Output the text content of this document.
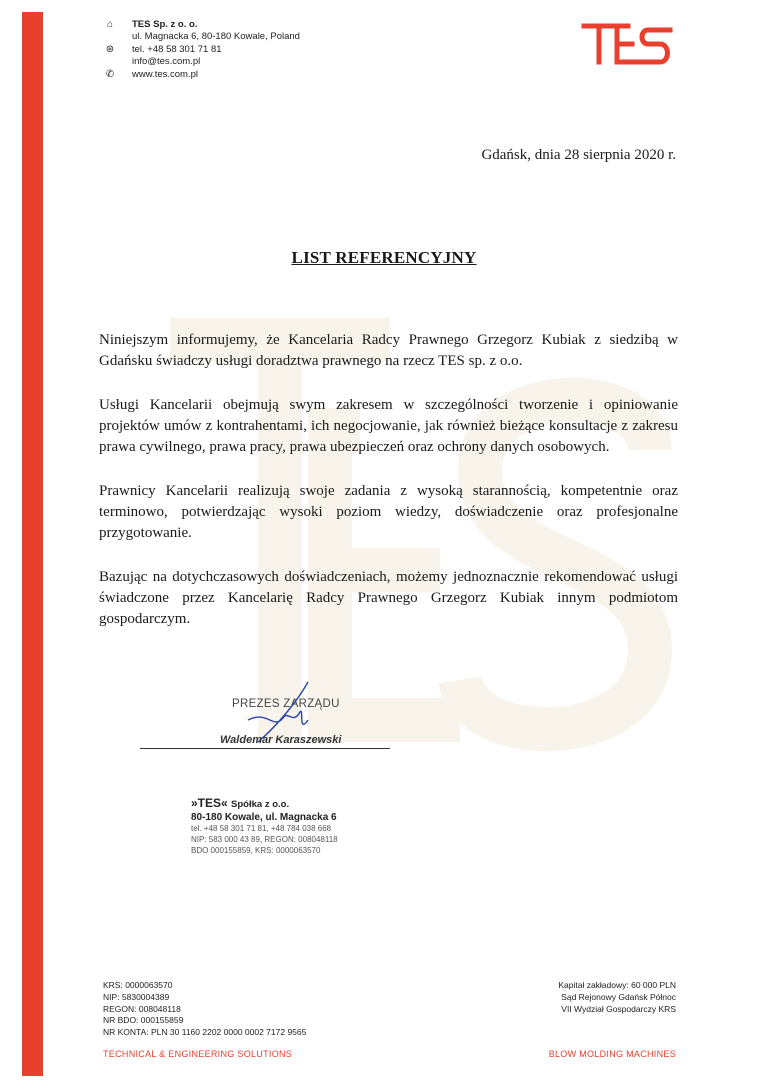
⌂	TES Sp. z o. o.
ul. Magnacka 6, 80-180 Kowale, Poland
⊛ tel. +48 58 301 71 81
info@tes.com.pl
✆ www.tes.com.pl
Gdańsk, dnia 28 sierpnia 2020 r.
LIST REFERENCYJNY

Niniejszym informujemy, że Kancelaria Radcy Prawnego Grzegorz Kubiak z siedzibą w Gdańsku świadczy usługi doradztwa prawnego na rzecz TES sp. z o.o.

Usługi Kancelarii obejmują swym zakresem w szczególności tworzenie i opiniowanie projektów umów z kontrahentami, ich negocjowanie, jak również bieżące konsultacje z zakresu prawa cywilnego, prawa pracy, prawa ubezpieczeń oraz ochrony danych osobowych.

Prawnicy Kancelarii realizują swoje zadania z wysoką starannością, kompetentnie oraz terminowo, potwierdzając wysoki poziom wiedzy, doświadczenie oraz profesjonalne przygotowanie.

Bazując na dotychczasowych doświadczeniach, możemy jednoznacznie rekomendować usługi świadczone przez Kancelarię Radcy Prawnego Grzegorz Kubiak innym podmiotom gospodarczym.

PREZES ZARZĄDU
Waldemar Karaszewski
»TES« Spółka z o.o.
80-180 Kowale, ul. Magnacka 6
tel. +48 58 301 71 81, +48 784 038 668
NIP: 583 000 43 89, REGON: 008048118
BDO 000155859, KRS: 0000063570
KRS: 0000063570
NIP: 5830004389
REGON: 008048118
NR BDO: 000155859
NR KONTA: PLN 30 1160 2202 0000 0002 7172 9565
Kapitał zakładowy: 60 000 PLN
Sąd Rejonowy Gdańsk Północ
VII Wydział Gospodarczy KRS
TECHNICAL & ENGINEERING SOLUTIONS	BLOW MOLDING MACHINES
